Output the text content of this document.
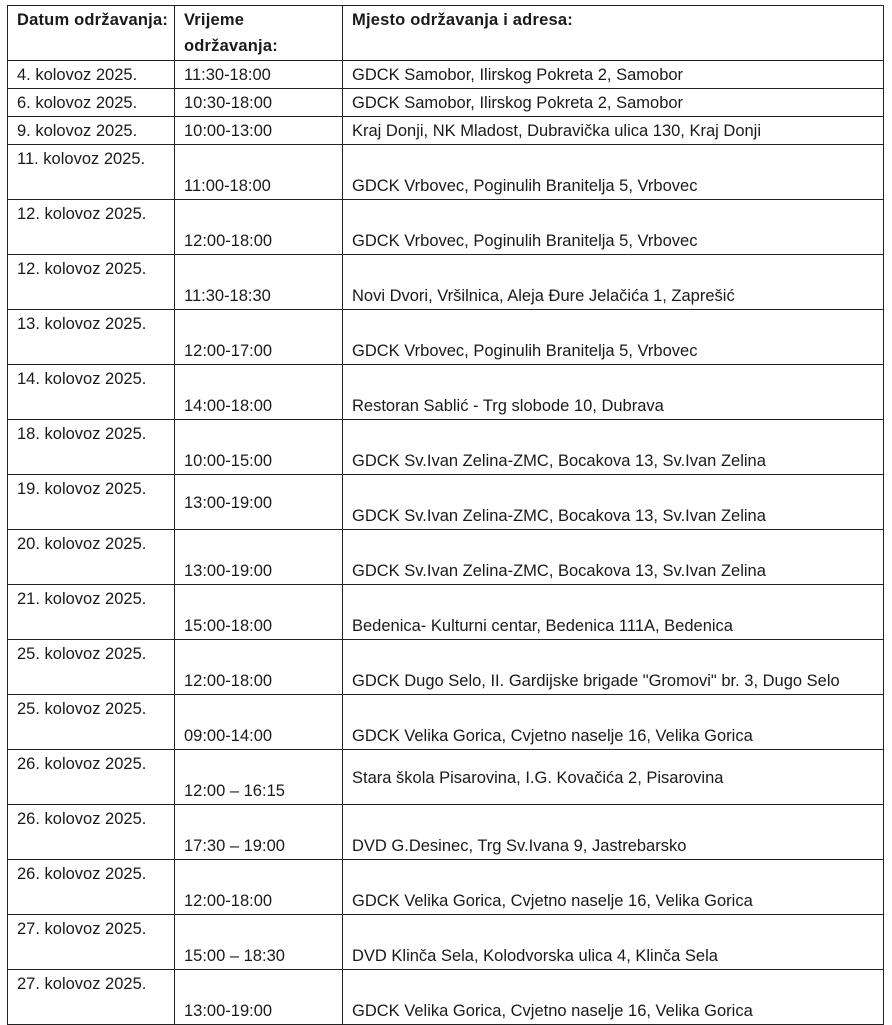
Datum održavanja:	Vrijeme održavanja:	Mjesto održavanja i adresa:
4. kolovoz 2025.	11:30-18:00	GDCK Samobor, Ilirskog Pokreta 2, Samobor
6. kolovoz 2025.	10:30-18:00	GDCK Samobor, Ilirskog Pokreta 2, Samobor
9. kolovoz 2025.	10:00-13:00	Kraj Donji, NK Mladost, Dubravička ulica 130, Kraj Donji
11. kolovoz 2025.	11:00-18:00	GDCK Vrbovec, Poginulih Branitelja 5, Vrbovec
12. kolovoz 2025.	12:00-18:00	GDCK Vrbovec, Poginulih Branitelja 5, Vrbovec
12. kolovoz 2025.	11:30-18:30	Novi Dvori, Vršilnica, Aleja Đure Jelačića 1, Zaprešić
13. kolovoz 2025.	12:00-17:00	GDCK Vrbovec, Poginulih Branitelja 5, Vrbovec
14. kolovoz 2025.	14:00-18:00	Restoran Sablić - Trg slobode 10, Dubrava
18. kolovoz 2025.	10:00-15:00	GDCK Sv.Ivan Zelina-ZMC, Bocakova 13, Sv.Ivan Zelina
19. kolovoz 2025.	13:00-19:00	GDCK Sv.Ivan Zelina-ZMC, Bocakova 13, Sv.Ivan Zelina
20. kolovoz 2025.	13:00-19:00	GDCK Sv.Ivan Zelina-ZMC, Bocakova 13, Sv.Ivan Zelina
21. kolovoz 2025.	15:00-18:00	Bedenica- Kulturni centar, Bedenica 111A, Bedenica
25. kolovoz 2025.	12:00-18:00	GDCK Dugo Selo, II. Gardijske brigade "Gromovi" br. 3, Dugo Selo
25. kolovoz 2025.	09:00-14:00	GDCK Velika Gorica, Cvjetno naselje 16, Velika Gorica
26. kolovoz 2025.	12:00 – 16:15	Stara škola Pisarovina, I.G. Kovačića 2, Pisarovina
26. kolovoz 2025.	17:30 – 19:00	DVD G.Desinec, Trg Sv.Ivana 9, Jastrebarsko
26. kolovoz 2025.	12:00-18:00	GDCK Velika Gorica, Cvjetno naselje 16, Velika Gorica
27. kolovoz 2025.	15:00 – 18:30	DVD Klinča Sela, Kolodvorska ulica 4, Klinča Sela
27. kolovoz 2025.	13:00-19:00	GDCK Velika Gorica, Cvjetno naselje 16, Velika Gorica
